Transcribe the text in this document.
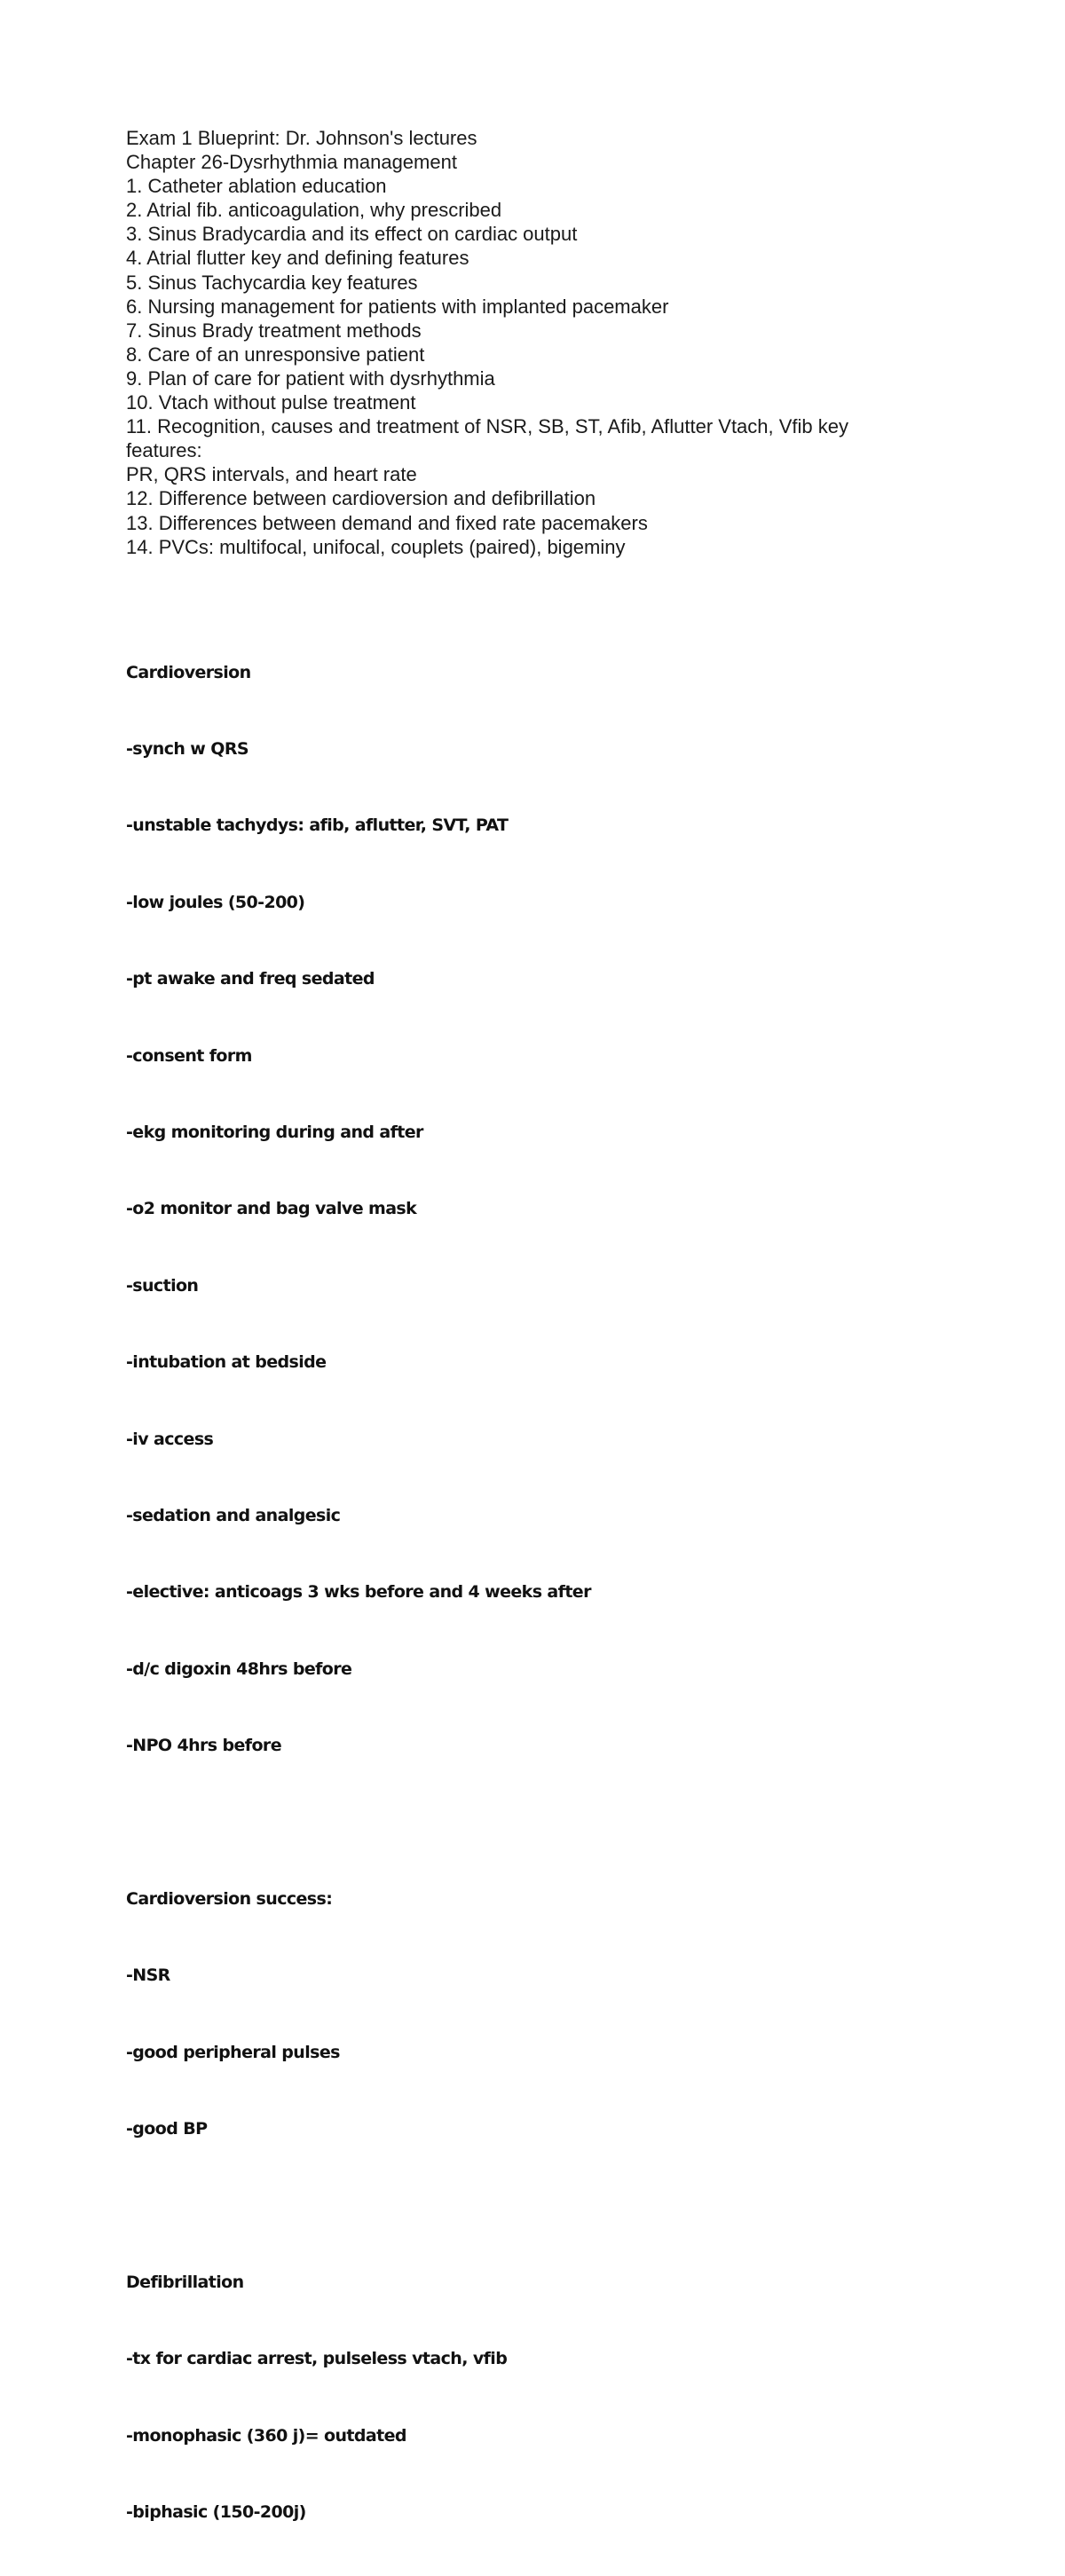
Exam 1 Blueprint: Dr. Johnson's lectures
Chapter 26-Dysrhythmia management
1. Catheter ablation education
2. Atrial fib. anticoagulation, why prescribed
3. Sinus Bradycardia and its effect on cardiac output
4. Atrial flutter key and defining features
5. Sinus Tachycardia key features
6. Nursing management for patients with implanted pacemaker
7. Sinus Brady treatment methods
8. Care of an unresponsive patient
9. Plan of care for patient with dysrhythmia
10. Vtach without pulse treatment
11. Recognition, causes and treatment of NSR, SB, ST, Afib, Aflutter Vtach, Vfib key
features:
PR, QRS intervals, and heart rate
12. Difference between cardioversion and defibrillation
13. Differences between demand and fixed rate pacemakers
14. PVCs: multifocal, unifocal, couplets (paired), bigeminy

Cardioversion

-synch w QRS

-unstable tachydys: afib, aflutter, SVT, PAT

-low joules (50-200)

-pt awake and freq sedated

-consent form

-ekg monitoring during and after

-o2 monitor and bag valve mask

-suction

-intubation at bedside

-iv access

-sedation and analgesic

-elective: anticoags 3 wks before and 4 weeks after

-d/c digoxin 48hrs before

-NPO 4hrs before

Cardioversion success:

-NSR

-good peripheral pulses

-good BP

Defibrillation

-tx for cardiac arrest, pulseless vtach, vfib

-monophasic (360 j)= outdated

-biphasic (150-200j)
